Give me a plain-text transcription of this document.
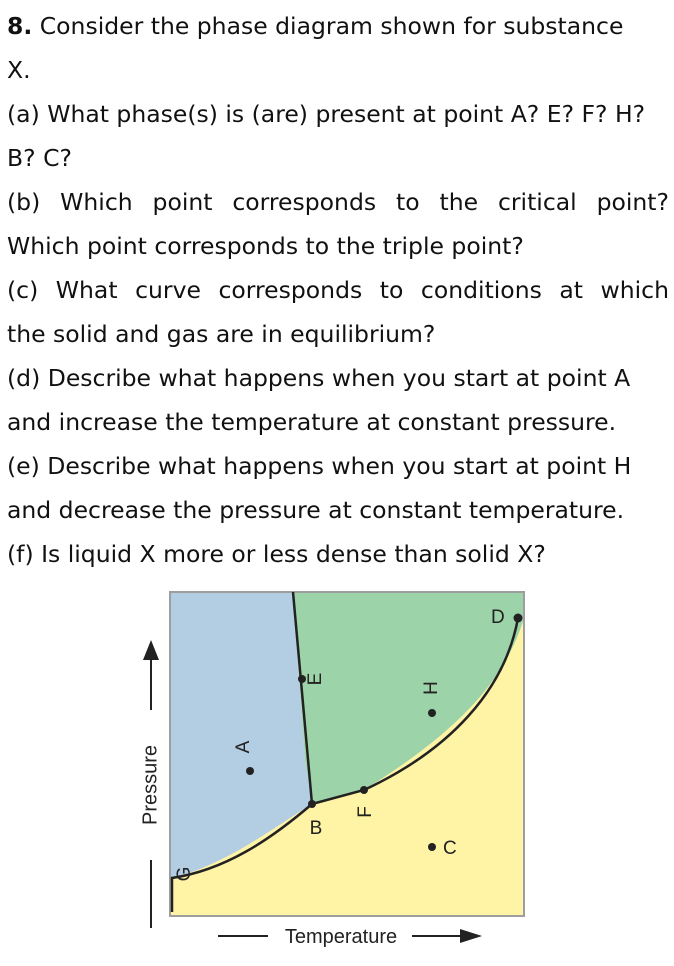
8. Consider the phase diagram shown for substance
X.
(a) What phase(s) is (are) present at point A? E? F? H?
B? C?
(b) Which point corresponds to the critical point?
Which point corresponds to the triple point?
(c) What curve corresponds to conditions at which
the solid and gas are in equilibrium?
(d) Describe what happens when you start at point A
and increase the temperature at constant pressure.
(e) Describe what happens when you start at point H
and decrease the pressure at constant temperature.
(f) Is liquid X more or less dense than solid X?
A
E
H
F
B
C
D
G
Pressure
Temperature
